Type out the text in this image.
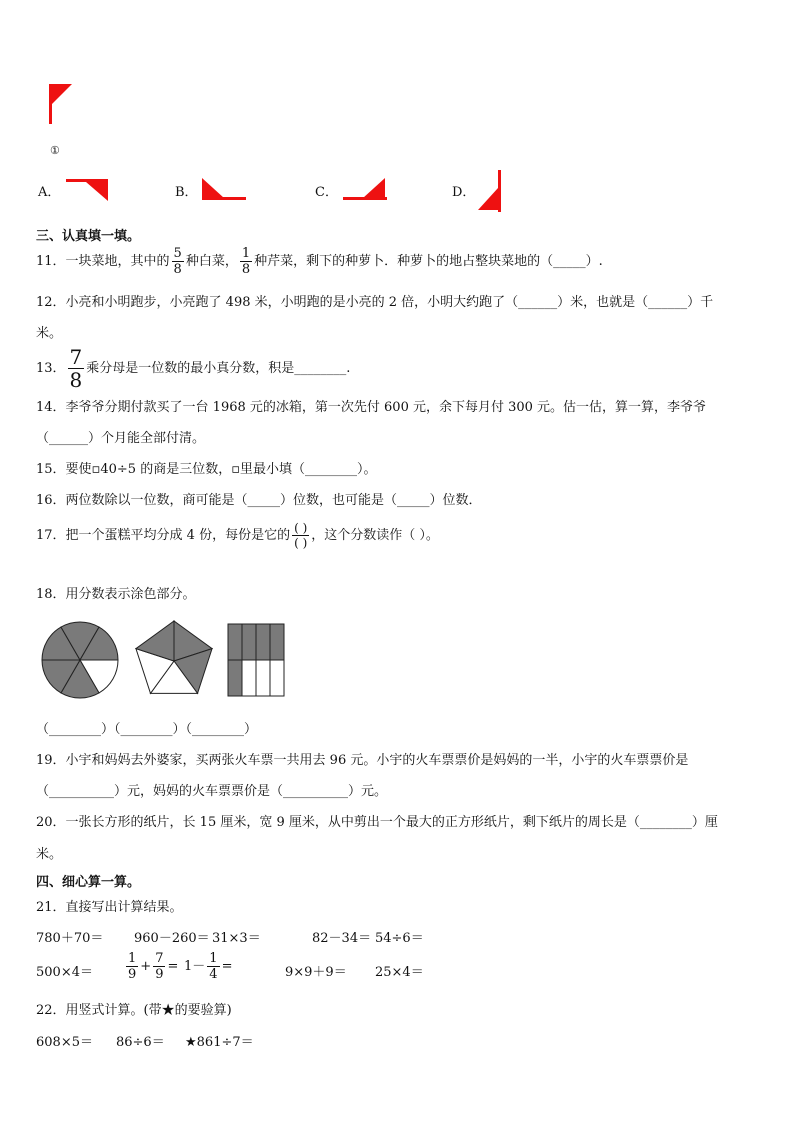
①
A．	B．	C．	D．
三、认真填一填。
11．一块菜地，其中的 $\frac{5}{8}$ 种白菜， $\frac{1}{8}$ 种芹菜，剩下的种萝卜．种萝卜的地占整块菜地的（_____）.
12．小亮和小明跑步，小亮跑了 498 米，小明跑的是小亮的 2 倍，小明大约跑了（______）米，也就是（______）千
米。
13． $\frac{7}{8}$ 乘分母是一位数的最小真分数，积是________.
14．李爷爷分期付款买了一台 1968 元的冰箱，第一次先付 600 元，余下每月付 300 元。估一估，算一算，李爷爷
（______）个月能全部付清。
15．要使▫40÷5 的商是三位数，▫里最小填（________）。
16．两位数除以一位数，商可能是（_____）位数，也可能是（_____）位数．
17．把一个蛋糕平均分成 4 份，每份是它的 $\frac{( )}{( )}$ ，这个分数读作（ ）。
18．用分数表示涂色部分。
（________）（________）（________）
19．小宇和妈妈去外婆家，买两张火车票一共用去 96 元。小宇的火车票票价是妈妈的一半，小宇的火车票票价是
（__________）元，妈妈的火车票票价是（__________）元。
20．一张长方形的纸片，长 15 厘米，宽 9 厘米，从中剪出一个最大的正方形纸片，剩下纸片的周长是（________）厘
米。
四、细心算一算。
21．直接写出计算结果。
780＋70＝ 960－260＝ 31×3＝	82－34＝ 54÷6＝
500×4＝	$\frac{1}{9} + \frac{7}{9} = 1- \frac{1}{4}$ =	9×9＋9＝ 25×4＝
22．用竖式计算。(带★的要验算)
608×5＝ 86÷6＝ ★861÷7＝
